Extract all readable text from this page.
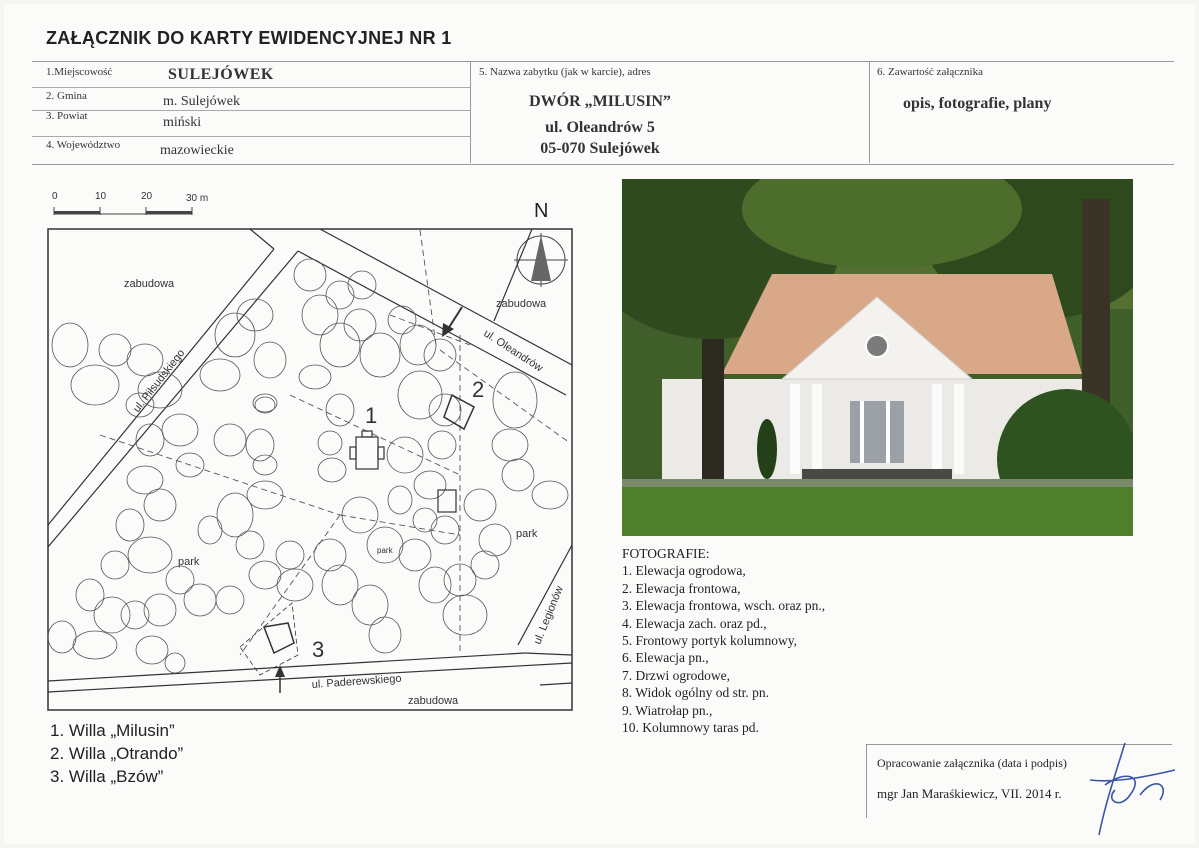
ZAŁĄCZNIK DO KARTY EWIDENCYJNEJ NR 1
1.Miejscowość	SULEJÓWEK
2. Gmina	m. Sulejówek
3. Powiat	miński
4. Województwo	mazowieckie
5. Nazwa zabytku (jak w karcie), adres
DWÓR „MILUSIN”
ul. Oleandrów 5
05-070 Sulejówek
6. Zawartość załącznika
opis, fotografie, plany
0	10	20	30 m
N
zabudowa
zabudowa
zabudowa
park
park
park
ul. Paderewskiego
ul. Oleandrów
ul. Piłsudskiego
ul. Legionów
1
2
3
FOTOGRAFIE:
1. Elewacja ogrodowa,
2. Elewacja frontowa,
3. Elewacja frontowa, wsch. oraz pn.,
4. Elewacja zach. oraz pd.,
5. Frontowy portyk kolumnowy,
6. Elewacja pn.,
7. Drzwi ogrodowe,
8. Widok ogólny od str. pn.
9. Wiatrołap pn.,
10. Kolumnowy taras pd.
1. Willa „Milusin”
2. Willa „Otrando”
3. Willa „Bzów”
Opracowanie załącznika (data i podpis)
mgr Jan Maraśkiewicz, VII. 2014 r.
